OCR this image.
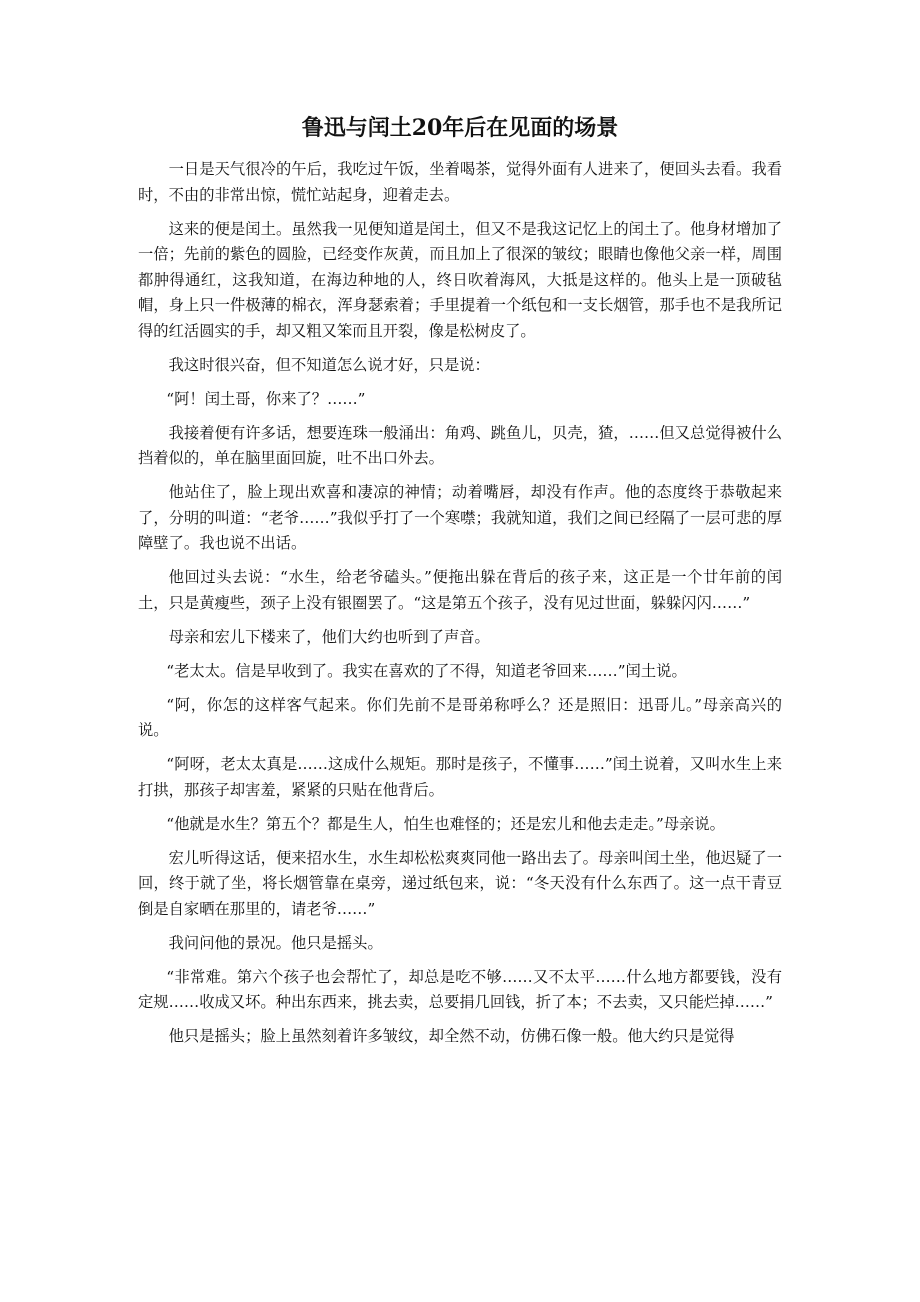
鲁迅与闰土20年后在见面的场景

一日是天气很冷的午后，我吃过午饭，坐着喝茶，觉得外面有人进来了，便回头去看。我看时，不由的非常出惊，慌忙站起身，迎着走去。

这来的便是闰土。虽然我一见便知道是闰土，但又不是我这记忆上的闰土了。他身材增加了一倍；先前的紫色的圆脸，已经变作灰黄，而且加上了很深的皱纹；眼睛也像他父亲一样，周围都肿得通红，这我知道，在海边种地的人，终日吹着海风，大抵是这样的。他头上是一顶破毡帽，身上只一件极薄的棉衣，浑身瑟索着；手里提着一个纸包和一支长烟管，那手也不是我所记得的红活圆实的手，却又粗又笨而且开裂，像是松树皮了。

我这时很兴奋，但不知道怎么说才好，只是说：

“阿！闰土哥，你来了？……”

我接着便有许多话，想要连珠一般涌出：角鸡、跳鱼儿，贝壳，猹，……但又总觉得被什么挡着似的，单在脑里面回旋，吐不出口外去。

他站住了，脸上现出欢喜和凄凉的神情；动着嘴唇，却没有作声。他的态度终于恭敬起来了，分明的叫道：“老爷……”我似乎打了一个寒噤；我就知道，我们之间已经隔了一层可悲的厚障壁了。我也说不出话。

他回过头去说：“水生，给老爷磕头。”便拖出躲在背后的孩子来，这正是一个廿年前的闰土，只是黄瘦些，颈子上没有银圈罢了。“这是第五个孩子，没有见过世面，躲躲闪闪……”

母亲和宏儿下楼来了，他们大约也听到了声音。

“老太太。信是早收到了。我实在喜欢的了不得，知道老爷回来……”闰土说。

“阿，你怎的这样客气起来。你们先前不是哥弟称呼么？还是照旧：迅哥儿。”母亲高兴的说。

“阿呀，老太太真是……这成什么规矩。那时是孩子，不懂事……”闰土说着，又叫水生上来打拱，那孩子却害羞，紧紧的只贴在他背后。

“他就是水生？第五个？都是生人，怕生也难怪的；还是宏儿和他去走走。”母亲说。

宏儿听得这话，便来招水生，水生却松松爽爽同他一路出去了。母亲叫闰土坐，他迟疑了一回，终于就了坐，将长烟管靠在桌旁，递过纸包来，说：“冬天没有什么东西了。这一点干青豆倒是自家晒在那里的，请老爷……”

我问问他的景况。他只是摇头。

“非常难。第六个孩子也会帮忙了，却总是吃不够……又不太平……什么地方都要钱，没有定规……收成又坏。种出东西来，挑去卖，总要捐几回钱，折了本；不去卖，又只能烂掉……”

他只是摇头；脸上虽然刻着许多皱纹，却全然不动，仿佛石像一般。他大约只是觉得
